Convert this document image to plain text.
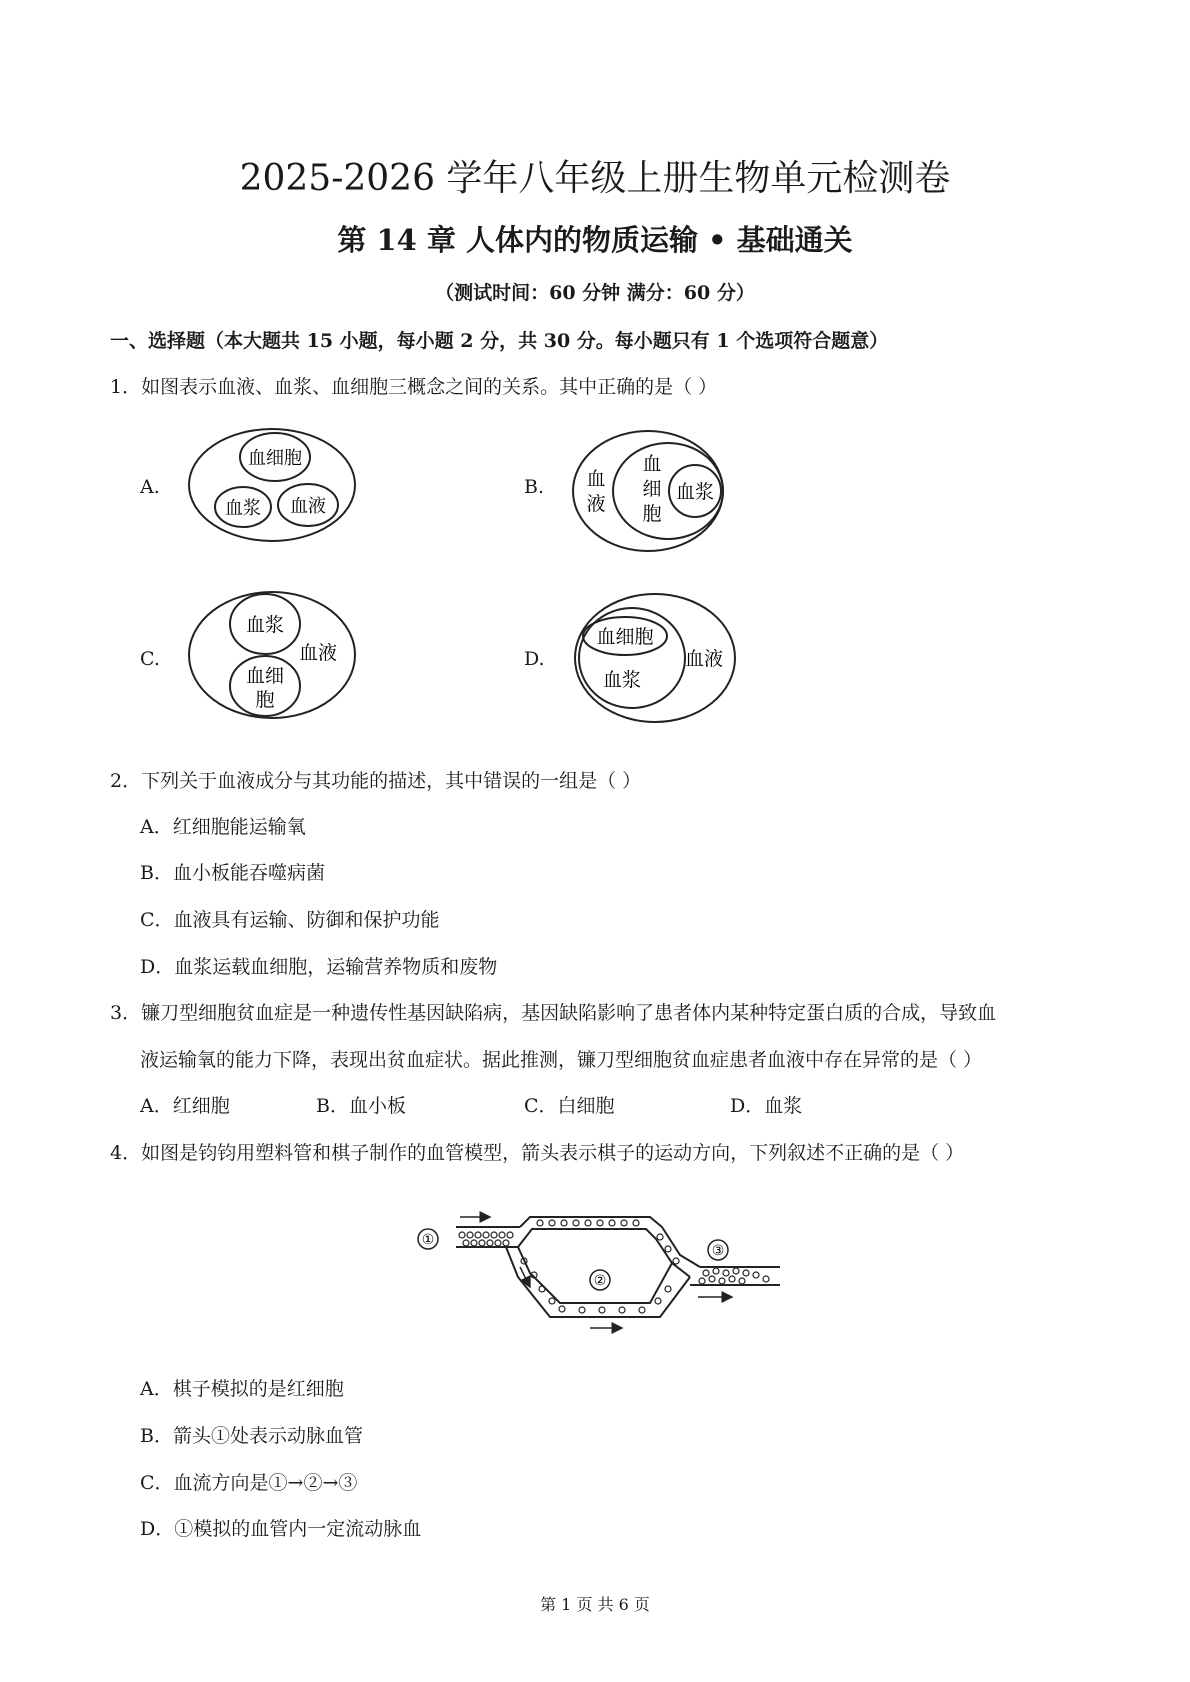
2025-2026 学年八年级上册生物单元检测卷
第 14 章 人体内的物质运输 • 基础通关
（测试时间：60 分钟 满分：60 分）
一、选择题（本大题共 15 小题，每小题 2 分，共 30 分。每小题只有 1 个选项符合题意）
1．如图表示血液、血浆、血细胞三概念之间的关系。其中正确的是（ ）
A.
血细胞
血浆 血液
B. 血
液
血
细
胞
血浆
C.
血浆
血液
血细
胞
D.
血细胞
血浆
血液
2．下列关于血液成分与其功能的描述，其中错误的一组是（ ）
A．红细胞能运输氧
B．血小板能吞噬病菌
C．血液具有运输、防御和保护功能
D．血浆运载血细胞，运输营养物质和废物
3．镰刀型细胞贫血症是一种遗传性基因缺陷病，基因缺陷影响了患者体内某种特定蛋白质的合成，导致血
液运输氧的能力下降，表现出贫血症状。据此推测，镰刀型细胞贫血症患者血液中存在异常的是（ ）
A．红细胞	B．血小板	C．白细胞	D．血浆
4．如图是钧钧用塑料管和棋子制作的血管模型，箭头表示棋子的运动方向，下列叙述不正确的是（ ）
①
③
②
A．棋子模拟的是红细胞
B．箭头①处表示动脉血管
C．血流方向是①→②→③
D．①模拟的血管内一定流动脉血
第 1 页 共 6 页
